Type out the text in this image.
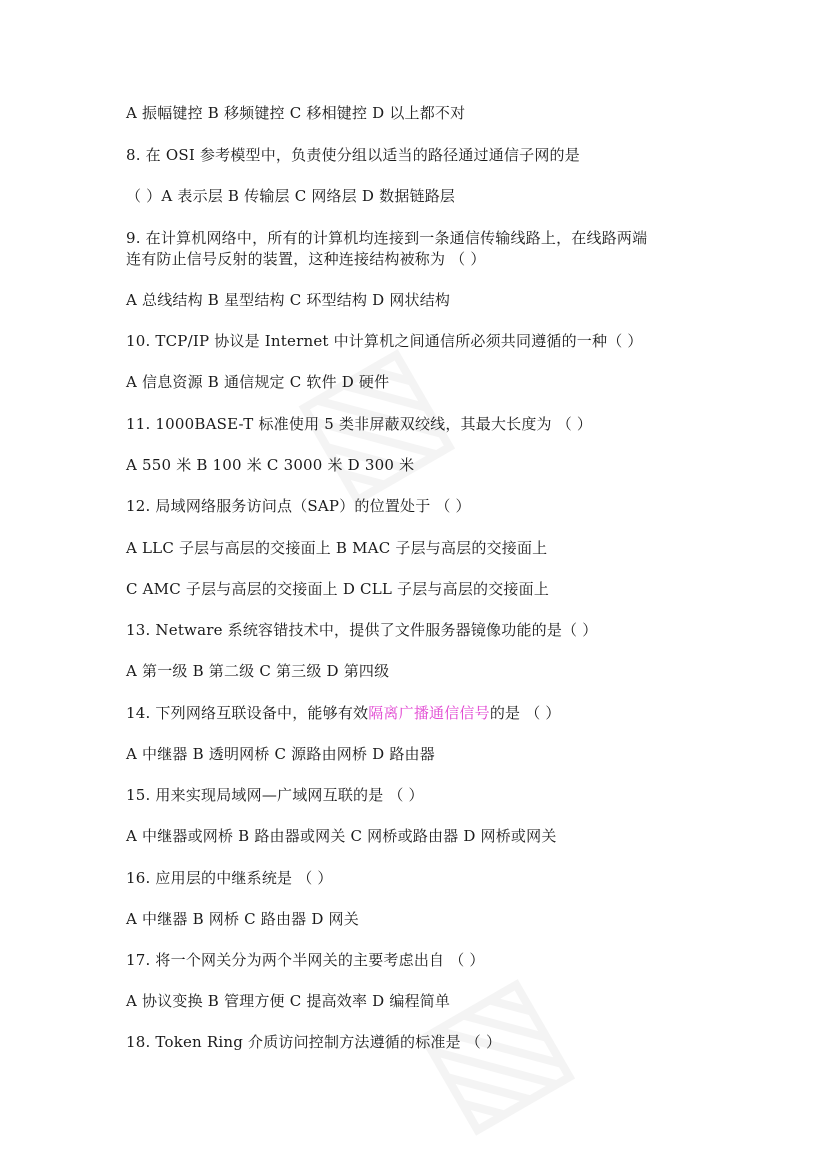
A 振幅键控 B 移频键控 C 移相键控 D 以上都不对
8. 在 OSI 参考模型中，负责使分组以适当的路径通过通信子网的是
（ ）A 表示层 B 传输层 C 网络层 D 数据链路层
9. 在计算机网络中，所有的计算机均连接到一条通信传输线路上，在线路两端
连有防止信号反射的装置，这种连接结构被称为 （ ）
A 总线结构 B 星型结构 C 环型结构 D 网状结构
10. TCP/IP 协议是 Internet 中计算机之间通信所必须共同遵循的一种（ ）
A 信息资源 B 通信规定 C 软件 D 硬件
11. 1000BASE-T 标准使用 5 类非屏蔽双绞线，其最大长度为 （ ）
A 550 米 B 100 米 C 3000 米 D 300 米
12. 局域网络服务访问点（SAP）的位置处于 （ ）
A LLC 子层与高层的交接面上 B MAC 子层与高层的交接面上
C AMC 子层与高层的交接面上 D CLL 子层与高层的交接面上
13. Netware 系统容错技术中，提供了文件服务器镜像功能的是（ ）
A 第一级 B 第二级 C 第三级 D 第四级
14. 下列网络互联设备中，能够有效隔离广播通信信号的是 （ ）
A 中继器 B 透明网桥 C 源路由网桥 D 路由器
15. 用来实现局域网—广域网互联的是 （ ）
A 中继器或网桥 B 路由器或网关 C 网桥或路由器 D 网桥或网关
16. 应用层的中继系统是 （ ）
A 中继器 B 网桥 C 路由器 D 网关
17. 将一个网关分为两个半网关的主要考虑出自 （ ）
A 协议变换 B 管理方便 C 提高效率 D 编程简单
18. Token Ring 介质访问控制方法遵循的标准是 （ ）
